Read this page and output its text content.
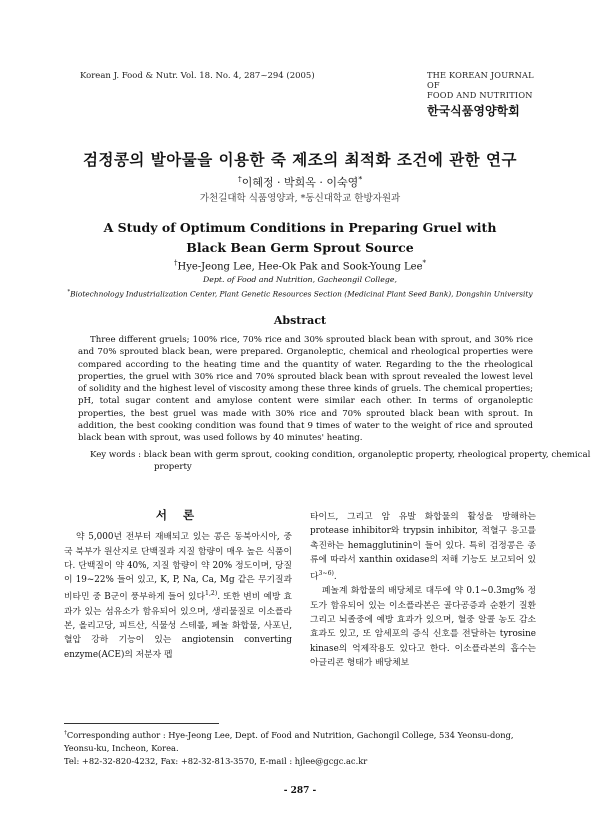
Korean J. Food & Nutr. Vol. 18. No. 4, 287~294 (2005)	THE KOREAN JOURNAL OF
FOOD AND NUTRITION
한국식품영양학회
검정콩의 발아물을 이용한 죽 제조의 최적화 조건에 관한 연구
†이혜정 · 박희옥 · 이숙영*
가천길대학 식품영양과, *동신대학교 한방자원과
A Study of Optimum Conditions in Preparing Gruel with
Black Bean Germ Sprout Source
†Hye-Jeong Lee, Hee-Ok Pak and Sook-Young Lee*
Dept. of Food and Nutrition, Gacheongil College,
*Biotechnology Industrialization Center, Plant Genetic Resources Section (Medicinal Plant Seed Bank), Dongshin University
Abstract
Three different gruels; 100% rice, 70% rice and 30% sprouted black bean with sprout, and 30% rice and 70% sprouted black bean, were prepared. Organoleptic, chemical and rheological properties were compared according to the heating time and the quantity of water. Regarding to the the rheological properties, the gruel with 30% rice and 70% sprouted black bean with sprout revealed the lowest level of solidity and the highest level of viscosity among these three kinds of gruels. The chemical properties; pH, total sugar content and amylose content were similar each other. In terms of organoleptic properties, the best gruel was made with 30% rice and 70% sprouted black bean with sprout. In addition, the best cooking condition was found that 9 times of water to the weight of rice and sprouted black bean with sprout, was used follows by 40 minutes' heating.
Key words : black bean with germ sprout, cooking condition, organoleptic property, rheological property, chemical property
서 론

약 5,000년 전부터 재배되고 있는 콩은 동북아시아, 중국 북부가 원산지로 단백질과 지질 함량이 매우 높은 식품이다. 단백질이 약 40%, 지질 함량이 약 20% 정도이며, 당질이 19~22% 들어 있고, K, P, Na, Ca, Mg 같은 무기질과 비타민 중 B군이 풍부하게 들어 있다$^{1,2)}$. 또한 변비 예방 효과가 있는 섬유소가 함유되어 있으며, 생리물질로 이소플라본, 올리고당, 피트산, 식물성 스테롤, 페놀 화합물, 사포닌, 혈압 강하 기능이 있는 angiotensin converting enzyme(ACE)의 저분자 펩

타이드, 그리고 암 유발 화합물의 활성을 방해하는 protease inhibitor와 trypsin inhibitor, 적혈구 응고를 촉진하는 hemagglutinin이 들어 있다. 특히 검정콩은 종류에 따라서 xanthin oxidase의 저해 기능도 보고되어 있다$^{3\sim 6)}$.

폐놀계 화합물의 배당체로 대두에 약 0.1~0.3mg% 정도가 함유되어 있는 이소플라본은 골다공증과 순환기 질환 그리고 뇌졸중에 예방 효과가 있으며, 혈중 알콜 농도 감소 효과도 있고, 또 암세포의 증식 신호를 전달하는 tyrosine kinase의 억제작용도 있다고 한다. 이소플라본의 흡수는 아글리콘 형태가 배당체보

†Corresponding author : Hye-Jeong Lee, Dept. of Food and Nutrition, Gachongil College, 534 Yeonsu-dong, Yeonsu-ku, Incheon, Korea.
Tel: +82-32-820-4232, Fax: +82-32-813-3570, E-mail : hjlee@gcgc.ac.kr
- 287 -
